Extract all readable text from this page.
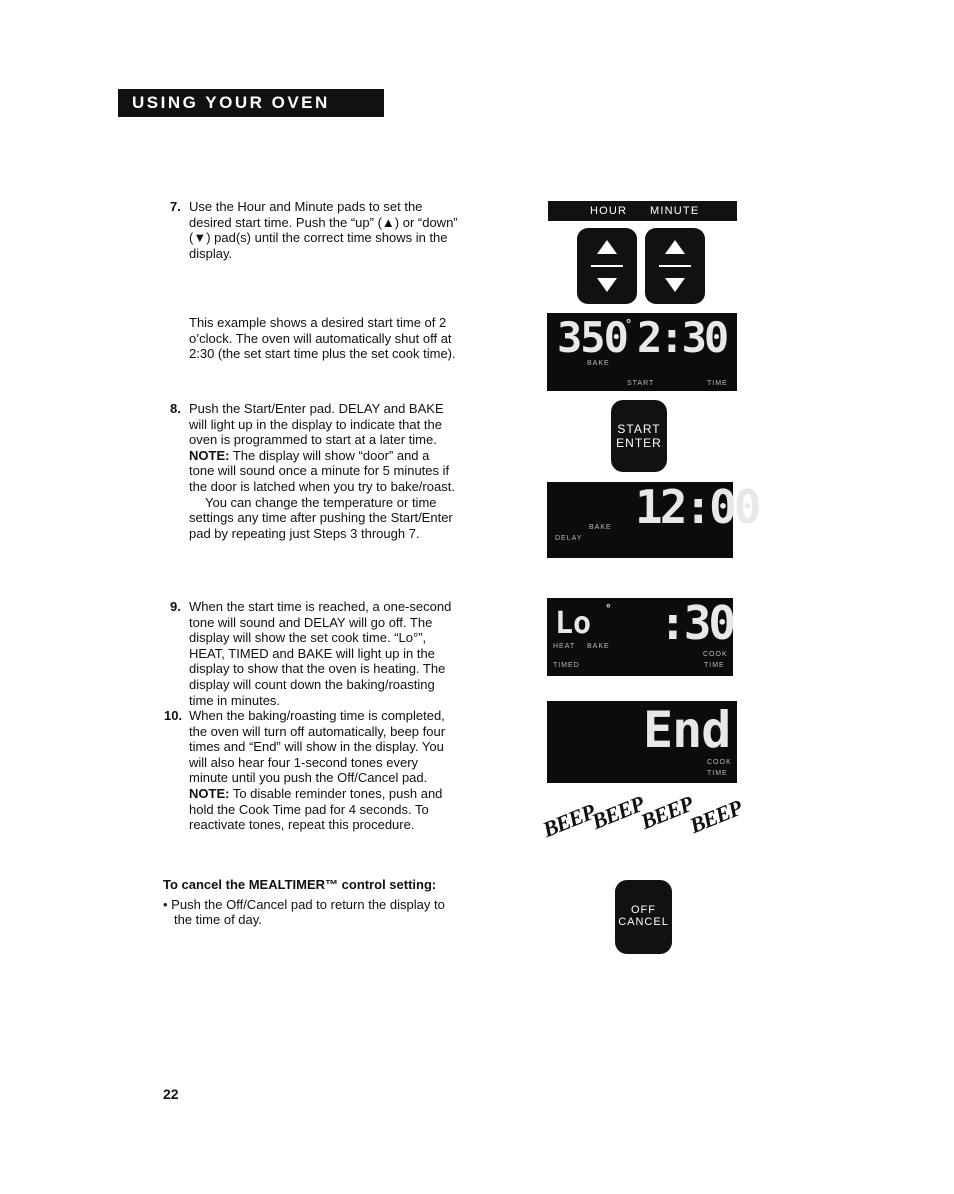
USING YOUR OVEN
7. Use the Hour and Minute pads to set the

desired start time. Push the “up” (▲) or “down”

(▼) pad(s) until the correct time shows in the

display.

This example shows a desired start time of 2

o’clock. The oven will automatically shut off at

2:30 (the set start time plus the set cook time).

8. Push the Start/Enter pad. DELAY and BAKE

will light up in the display to indicate that the

oven is programmed to start at a later time.

NOTE: The display will show “door” and a

tone will sound once a minute for 5 minutes if

the door is latched when you try to bake/roast.

You can change the temperature or time

settings any time after pushing the Start/Enter

pad by repeating just Steps 3 through 7.

9. When the start time is reached, a one-second

tone will sound and DELAY will go off. The

display will show the set cook time. “Lo°”,

HEAT, TIMED and BAKE will light up in the

display to show that the oven is heating. The

display will count down the baking/roasting

time in minutes.

10. When the baking/roasting time is completed,

the oven will turn off automatically, beep four

times and “End” will show in the display. You

will also hear four 1-second tones every

minute until you push the Off/Cancel pad.

NOTE: To disable reminder tones, push and

hold the Cook Time pad for 4 seconds. To

reactivate tones, repeat this procedure.

To cancel the MEALTIMER™ control setting:

• Push the Off/Cancel pad to return the display to

the time of day.

HOUR MINUTE
350
° 2:30
BAKE
START	TIME
START
ENTER
12:00
BAKE
DELAY
Lo ° :30
HEAT BAKE
TIMED
COOK
TIME
End
COOK
TIME
BEEP
BEEP
BEEP
BEEP
OFF
CANCEL
22
